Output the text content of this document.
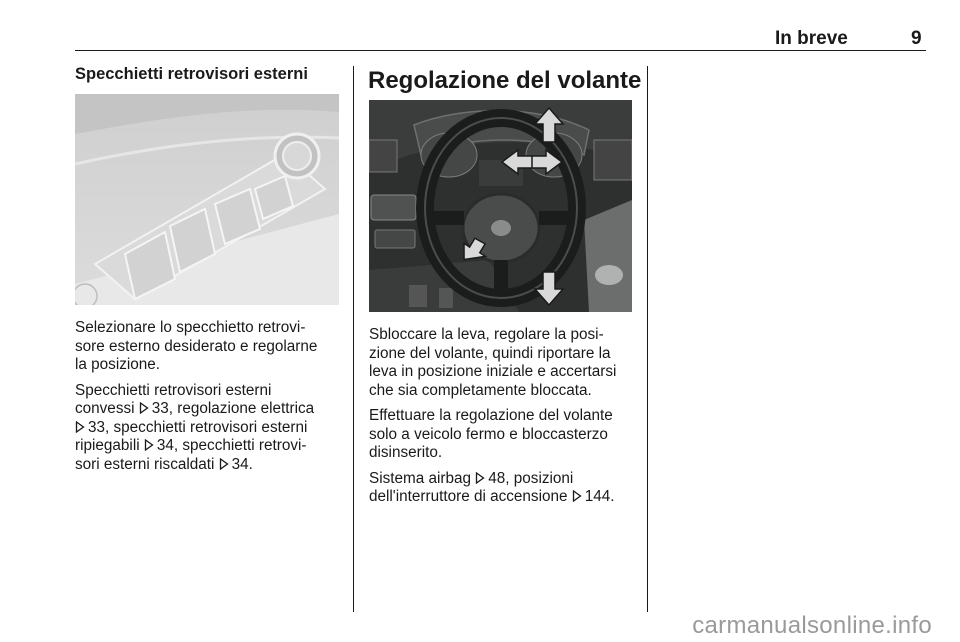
In breve	9
Specchietti retrovisori esterni

Selezionare lo specchietto retrovi-
sore esterno desiderato e regolarne
la posizione.

Specchietti retrovisori esterni
convessi 33, regolazione elettrica
33, specchietti retrovisori esterni
ripiegabili 34, specchietti retrovi-
sori esterni riscaldati 34.

Regolazione del volante

Sbloccare la leva, regolare la posi-
zione del volante, quindi riportare la
leva in posizione iniziale e accertarsi
che sia completamente bloccata.

Effettuare la regolazione del volante
solo a veicolo fermo e bloccasterzo
disinserito.

Sistema airbag 48, posizioni
dell'interruttore di accensione 144.

carmanualsonline.info
